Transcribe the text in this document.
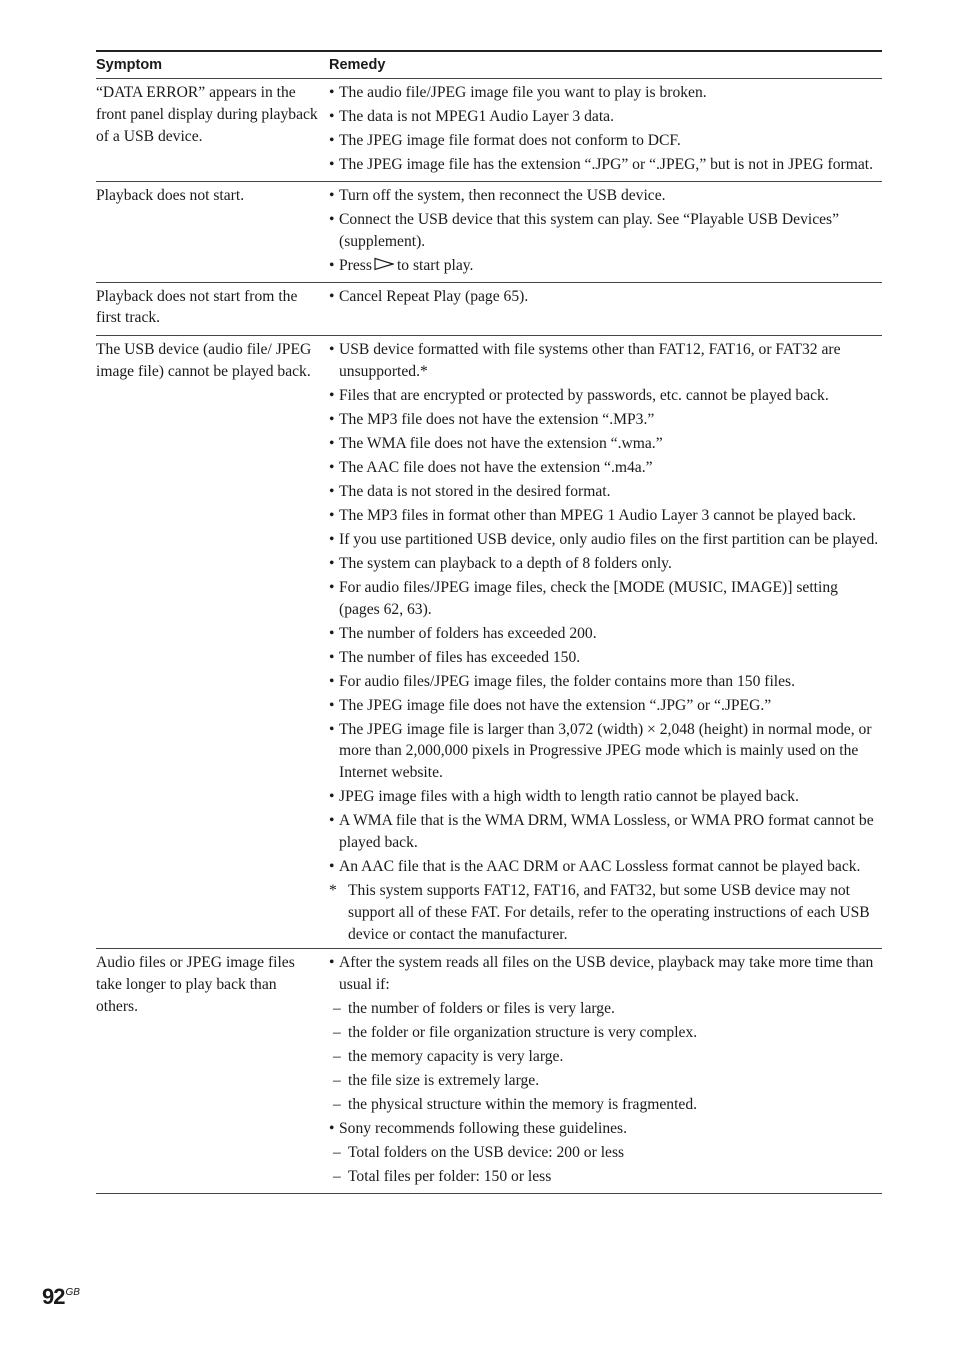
Symptom	Remedy
“DATA ERROR” appears in the front panel display during playback of a USB device.
• The audio file/JPEG image file you want to play is broken.
• The data is not MPEG1 Audio Layer 3 data.
• The JPEG image file format does not conform to DCF.
• The JPEG image file has the extension “.JPG” or “.JPEG,” but is not in JPEG format.
Playback does not start.	• Turn off the system, then reconnect the USB device.
• Connect the USB device that this system can play. See “Playable USB Devices” (supplement).
• Press to start play.
Playback does not start from the first track.
• Cancel Repeat Play (page 65).
The USB device (audio file/ JPEG image file) cannot be played back.
• USB device formatted with file systems other than FAT12, FAT16, or FAT32 are unsupported.*
• Files that are encrypted or protected by passwords, etc. cannot be played back.
• The MP3 file does not have the extension “.MP3.”
• The WMA file does not have the extension “.wma.”
• The AAC file does not have the extension “.m4a.”
• The data is not stored in the desired format.
• The MP3 files in format other than MPEG 1 Audio Layer 3 cannot be played back.
• If you use partitioned USB device, only audio files on the first partition can be played.
• The system can playback to a depth of 8 folders only.
• For audio files/JPEG image files, check the [MODE (MUSIC, IMAGE)] setting (pages 62, 63).
• The number of folders has exceeded 200.
• The number of files has exceeded 150.
• For audio files/JPEG image files, the folder contains more than 150 files.
• The JPEG image file does not have the extension “.JPG” or “.JPEG.”
• The JPEG image file is larger than 3,072 (width) × 2,048 (height) in normal mode, or more than 2,000,000 pixels in Progressive JPEG mode which is mainly used on the Internet website.
• JPEG image files with a high width to length ratio cannot be played back.
• A WMA file that is the WMA DRM, WMA Lossless, or WMA PRO format cannot be played back.
• An AAC file that is the AAC DRM or AAC Lossless format cannot be played back.
* This system supports FAT12, FAT16, and FAT32, but some USB device may not support all of these FAT. For details, refer to the operating instructions of each USB device or contact the manufacturer.
Audio files or JPEG image files take longer to play back than others.
• After the system reads all files on the USB device, playback may take more time than usual if:
– the number of folders or files is very large.
– the folder or file organization structure is very complex.
– the memory capacity is very large.
– the file size is extremely large.
– the physical structure within the memory is fragmented.
• Sony recommends following these guidelines.
– Total folders on the USB device: 200 or less
– Total files per folder: 150 or less
$92^{GB}$
